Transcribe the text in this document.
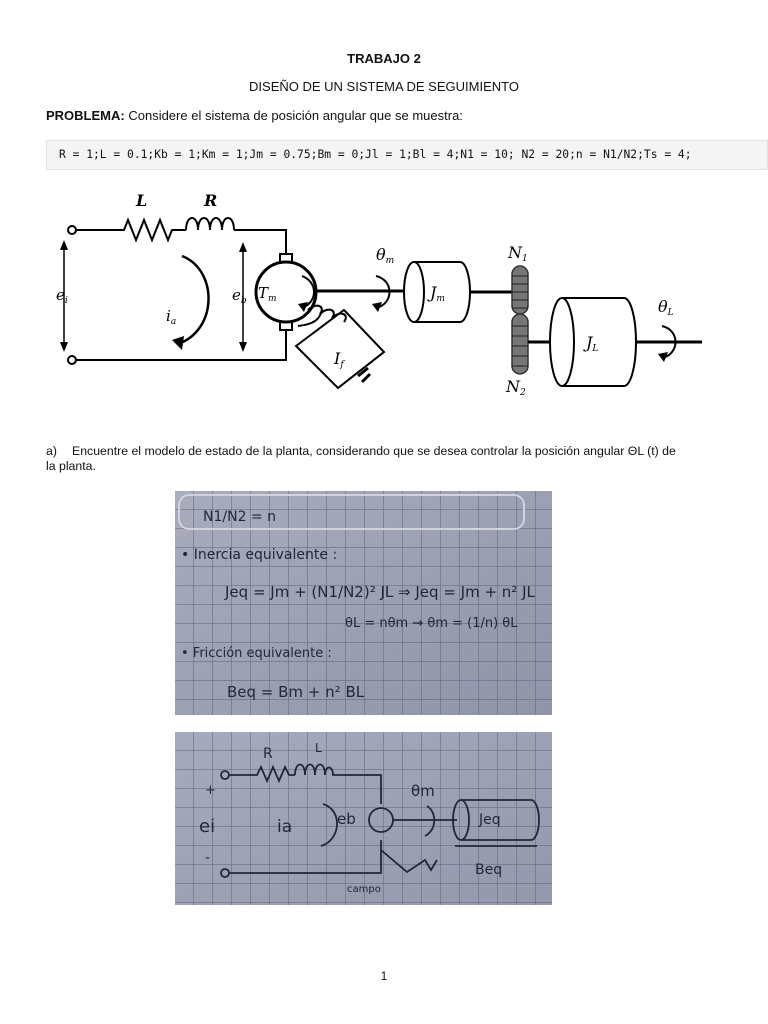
TRABAJO 2
DISEÑO DE UN SISTEMA DE SEGUIMIENTO
PROBLEMA: Considere el sistema de posición angular que se muestra:
R = 1;L = 0.1;Kb = 1;Km = 1;Jm = 0.75;Bm = 0;Jl = 1;Bl = 4;N1 = 10; N2 = 20;n = N1/N2;Ts = 4;
$e_i$	$e_b$
$i_a$
L	R
$T_m$
θm
If
Jm
N1
N2
JL
θL
a) Encuentre el modelo de estado de la planta, considerando que se desea controlar la posición angular ΘL (t) de la planta.
N1/N2 = n
• Inercia equivalente :
Jeq = Jm + (N1/N2)² JL ⇒ Jeq = Jm + n² JL
θL = nθm → θm = (1/n) θL
• Fricción equivalente :
Beq = Bm + n² BL
R	L
+
ei
-
ia	eb
θm
Jeq
Beq
campo
1
